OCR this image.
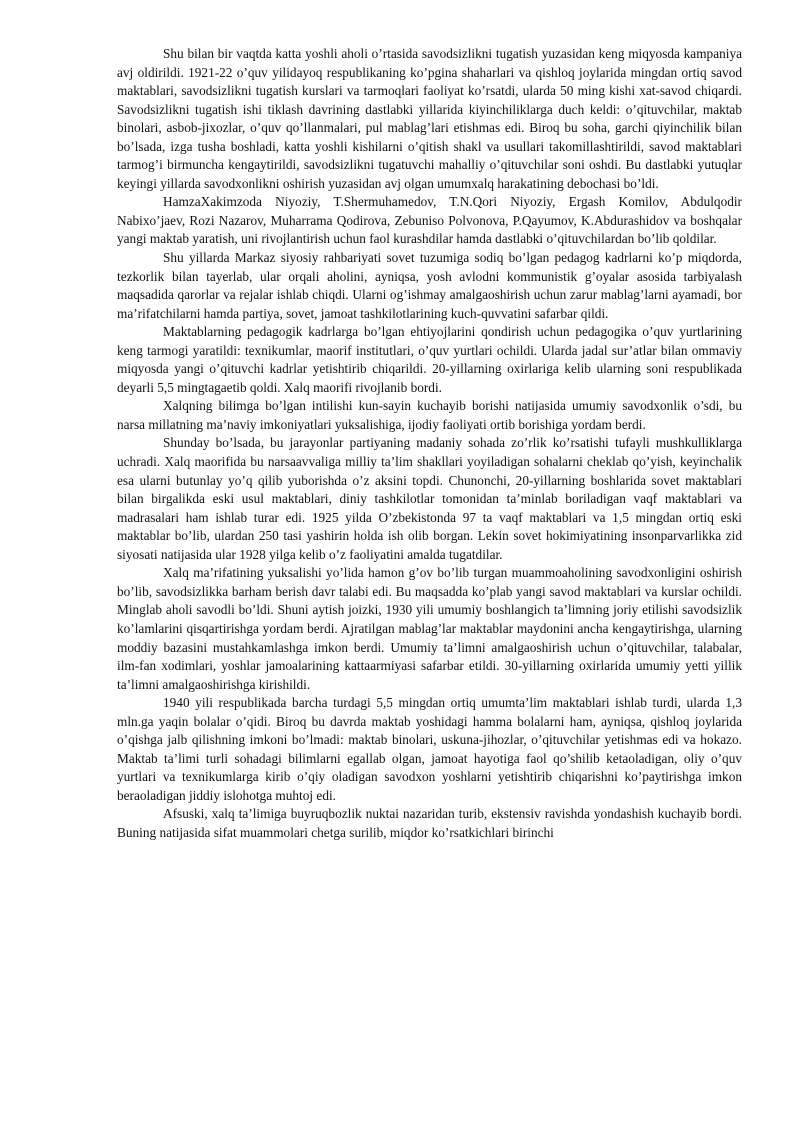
Shu bilan bir vaqtda katta yoshli aholi o’rtasida savodsizlikni tugatish yuzasidan keng miqyosda kampaniya avj oldirildi. 1921-22 o’quv yilidayoq respublikaning ko’pgina shaharlari va qishloq joylarida mingdan ortiq savod maktablari, savodsizlikni tugatish kurslari va tarmoqlari faoliyat ko’rsatdi, ularda 50 ming kishi xat-savod chiqardi. Savodsizlikni tugatish ishi tiklash davrining dastlabki yillarida kiyinchiliklarga duch keldi: o’qituvchilar, maktab binolari, asbob-jixozlar, o’quv qo’llanmalari, pul mablag’lari etishmas edi. Biroq bu soha, garchi qiyinchilik bilan bo’lsada, izga tusha boshladi, katta yoshli kishilarni o’qitish shakl va usullari takomillashtirildi, savod maktablari tarmog’i birmuncha kengaytirildi, savodsizlikni tugatuvchi mahalliy o’qituvchilar soni oshdi. Bu dastlabki yutuqlar keyingi yillarda savodxonlikni oshirish yuzasidan avj olgan umumxalq harakatining debochasi bo’ldi.

HamzaXakimzoda Niyoziy, T.Shermuhamedov, T.N.Qori Niyoziy, Ergash Komilov, Abdulqodir Nabixo’jaev, Rozi Nazarov, Muharrama Qodirova, Zebuniso Polvonova, P.Qayumov, K.Abdurashidov va boshqalar yangi maktab yaratish, uni rivojlantirish uchun faol kurashdilar hamda dastlabki o’qituvchilardan bo’lib qoldilar.

Shu yillarda Markaz siyosiy rahbariyati sovet tuzumiga sodiq bo’lgan pedagog kadrlarni ko’p miqdorda, tezkorlik bilan tayerlab, ular orqali aholini, ayniqsa, yosh avlodni kommunistik g’oyalar asosida tarbiyalash maqsadida qarorlar va rejalar ishlab chiqdi. Ularni og’ishmay amalgaoshirish uchun zarur mablag’larni ayamadi, bor ma’rifatchilarni hamda partiya, sovet, jamoat tashkilotlarining kuch-quvvatini safarbar qildi.

Maktablarning pedagogik kadrlarga bo’lgan ehtiyojlarini qondirish uchun pedagogika o’quv yurtlarining keng tarmogi yaratildi: texnikumlar, maorif institutlari, o’quv yurtlari ochildi. Ularda jadal sur’atlar bilan ommaviy miqyosda yangi o’qituvchi kadrlar yetishtirib chiqarildi. 20-yillarning oxirlariga kelib ularning soni respublikada deyarli 5,5 mingtagaetib qoldi. Xalq maorifi rivojlanib bordi.

Xalqning bilimga bo’lgan intilishi kun-sayin kuchayib borishi natijasida umumiy savodxonlik o’sdi, bu narsa millatning ma’naviy imkoniyatlari yuksalishiga, ijodiy faoliyati ortib borishiga yordam berdi.

Shunday bo’lsada, bu jarayonlar partiyaning madaniy sohada zo’rlik ko’rsatishi tufayli mushkulliklarga uchradi. Xalq maorifida bu narsaavvaliga milliy ta’lim shakllari yoyiladigan sohalarni cheklab qo’yish, keyinchalik esa ularni butunlay yo’q qilib yuborishda o’z aksini topdi. Chunonchi, 20-yillarning boshlarida sovet maktablari bilan birgalikda eski usul maktablari, diniy tashkilotlar tomonidan ta’minlab boriladigan vaqf maktablari va madrasalari ham ishlab turar edi. 1925 yilda O’zbekistonda 97 ta vaqf maktablari va 1,5 mingdan ortiq eski maktablar bo’lib, ulardan 250 tasi yashirin holda ish olib borgan. Lekin sovet hokimiyatining insonparvarlikka zid siyosati natijasida ular 1928 yilga kelib o’z faoliyatini amalda tugatdilar.

Xalq ma’rifatining yuksalishi yo’lida hamon g’ov bo’lib turgan muammoaholining savodxonligini oshirish bo’lib, savodsizlikka barham berish davr talabi edi. Bu maqsadda ko’plab yangi savod maktablari va kurslar ochildi. Minglab aholi savodli bo’ldi. Shuni aytish joizki, 1930 yili umumiy boshlangich ta’limning joriy etilishi savodsizlik ko’lamlarini qisqartirishga yordam berdi. Ajratilgan mablag’lar maktablar maydonini ancha kengaytirishga, ularning moddiy bazasini mustahkamlashga imkon berdi. Umumiy ta’limni amalgaoshirish uchun o’qituvchilar, talabalar, ilm-fan xodimlari, yoshlar jamoalarining kattaarmiyasi safarbar etildi. 30-yillarning oxirlarida umumiy yetti yillik ta’limni amalgaoshirishga kirishildi.

1940 yili respublikada barcha turdagi 5,5 mingdan ortiq umumta’lim maktablari ishlab turdi, ularda 1,3 mln.ga yaqin bolalar o’qidi. Biroq bu davrda maktab yoshidagi hamma bolalarni ham, ayniqsa, qishloq joylarida o’qishga jalb qilishning imkoni bo’lmadi: maktab binolari, uskuna-jihozlar, o’qituvchilar yetishmas edi va hokazo. Maktab ta’limi turli sohadagi bilimlarni egallab olgan, jamoat hayotiga faol qo’shilib ketaoladigan, oliy o’quv yurtlari va texnikumlarga kirib o’qiy oladigan savodxon yoshlarni yetishtirib chiqarishni ko’paytirishga imkon beraoladigan jiddiy islohotga muhtoj edi.

Afsuski, xalq ta’limiga buyruqbozlik nuktai nazaridan turib, ekstensiv ravishda yondashish kuchayib bordi. Buning natijasida sifat muammolari chetga surilib, miqdor ko’rsatkichlari birinchi
